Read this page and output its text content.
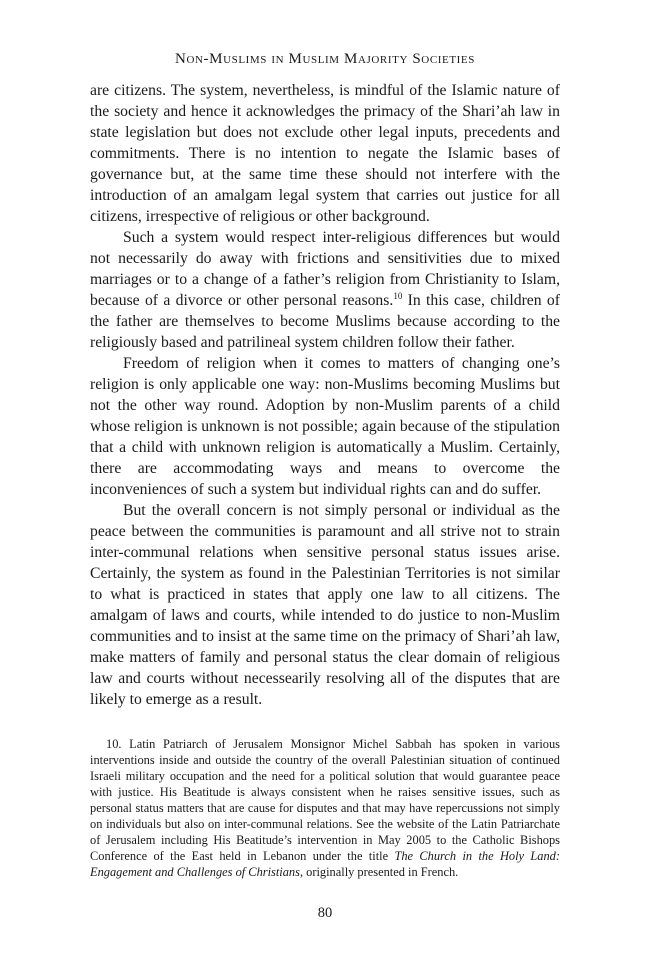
Non-Muslims in Muslim Majority Societies

are citizens. The system, nevertheless, is mindful of the Islamic nature of the society and hence it acknowledges the primacy of the Shari’ah law in state legislation but does not exclude other legal inputs, precedents and commitments. There is no intention to negate the Islamic bases of governance but, at the same time these should not interfere with the introduction of an amalgam legal system that carries out justice for all citizens, irrespective of religious or other background.

Such a system would respect inter-religious differences but would not necessarily do away with frictions and sensitivities due to mixed marriages or to a change of a father’s religion from Christianity to Islam, because of a divorce or other personal reasons.$^{10}$ In this case, children of the father are themselves to become Muslims because according to the religiously based and patrilineal system children follow their father.

Freedom of religion when it comes to matters of changing one’s religion is only applicable one way: non-Muslims becoming Muslims but not the other way round. Adoption by non-Muslim parents of a child whose religion is unknown is not possible; again because of the stipulation that a child with unknown religion is automatically a Muslim. Certainly, there are accommodating ways and means to overcome the inconveniences of such a system but individual rights can and do suffer.

But the overall concern is not simply personal or individual as the peace between the communities is paramount and all strive not to strain inter-communal relations when sensitive personal status issues arise. Certainly, the system as found in the Palestinian Territories is not similar to what is practiced in states that apply one law to all citizens. The amalgam of laws and courts, while intended to do justice to non-Muslim communities and to insist at the same time on the primacy of Shari’ah law, make matters of family and personal status the clear domain of religious law and courts without necessearily resolving all of the disputes that are likely to emerge as a result.

10. Latin Patriarch of Jerusalem Monsignor Michel Sabbah has spoken in various interventions inside and outside the country of the overall Palestinian situation of continued Israeli military occupation and the need for a political solution that would guarantee peace with justice. His Beatitude is always consistent when he raises sensitive issues, such as personal status matters that are cause for disputes and that may have repercussions not simply on individuals but also on inter-communal relations. See the website of the Latin Patriarchate of Jerusalem including His Beatitude’s intervention in May 2005 to the Catholic Bishops Conference of the East held in Lebanon under the title The Church in the Holy Land: Engagement and Challenges of Christians, originally presented in French.

80
